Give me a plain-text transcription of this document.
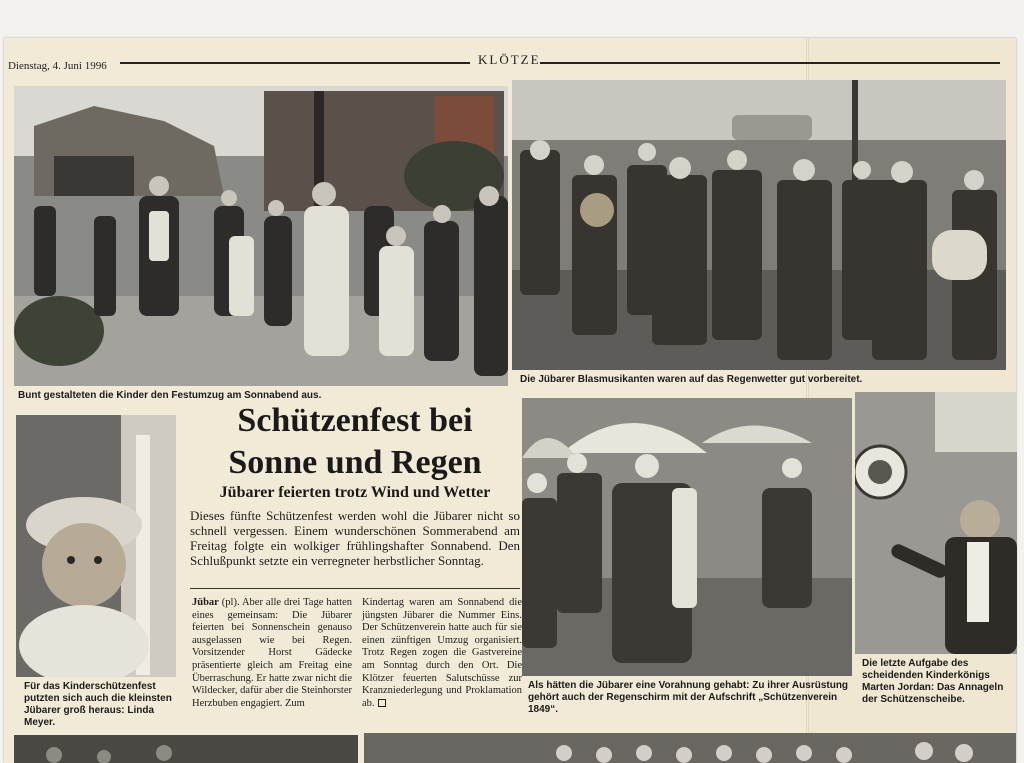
Dienstag, 4. Juni 1996	KLÖTZE
Bunt gestalteten die Kinder den Festumzug am Sonnabend aus.
Die Jübarer Blasmusikanten waren auf das Regenwetter gut vorbereitet.
Für das Kinderschützenfest putzten sich auch die kleinsten Jübarer groß heraus: Linda Meyer.
Schützenfest bei
Sonne und Regen
Jübarer feierten trotz Wind und Wetter
Dieses fünfte Schützenfest werden wohl die Jübarer nicht so schnell vergessen. Einem wunderschönen Sommerabend am Freitag folgte ein wolkiger frühlingshafter Sonnabend. Den Schlußpunkt setzte ein verregneter herbstlicher Sonntag.
Jübar (pl). Aber alle drei Tage hatten eines gemeinsam: Die Jübarer feierten bei Sonnenschein genauso ausgelassen wie bei Regen. Vorsitzender Horst Gädecke präsentierte gleich am Freitag eine Überraschung. Er hatte zwar nicht die Wildecker, dafür aber die Steinhorster Herzbuben engagiert. Zum
Kindertag waren am Sonnabend die jüngsten Jübarer die Nummer Eins. Der Schützenverein hatte auch für sie einen zünftigen Umzug organisiert. Trotz Regen zogen die Gastvereine am Sonntag durch den Ort. Die Klötzer feuerten Salutschüsse zur Kranzniederlegung und Proklamation ab.
Als hätten die Jübarer eine Vorahnung gehabt: Zu ihrer Ausrüstung gehört auch der Regenschirm mit der Aufschrift „Schützenverein 1849“.
Die letzte Aufgabe des scheidenden Kinderkönigs Marten Jordan: Das Annageln der Schützenscheibe.
